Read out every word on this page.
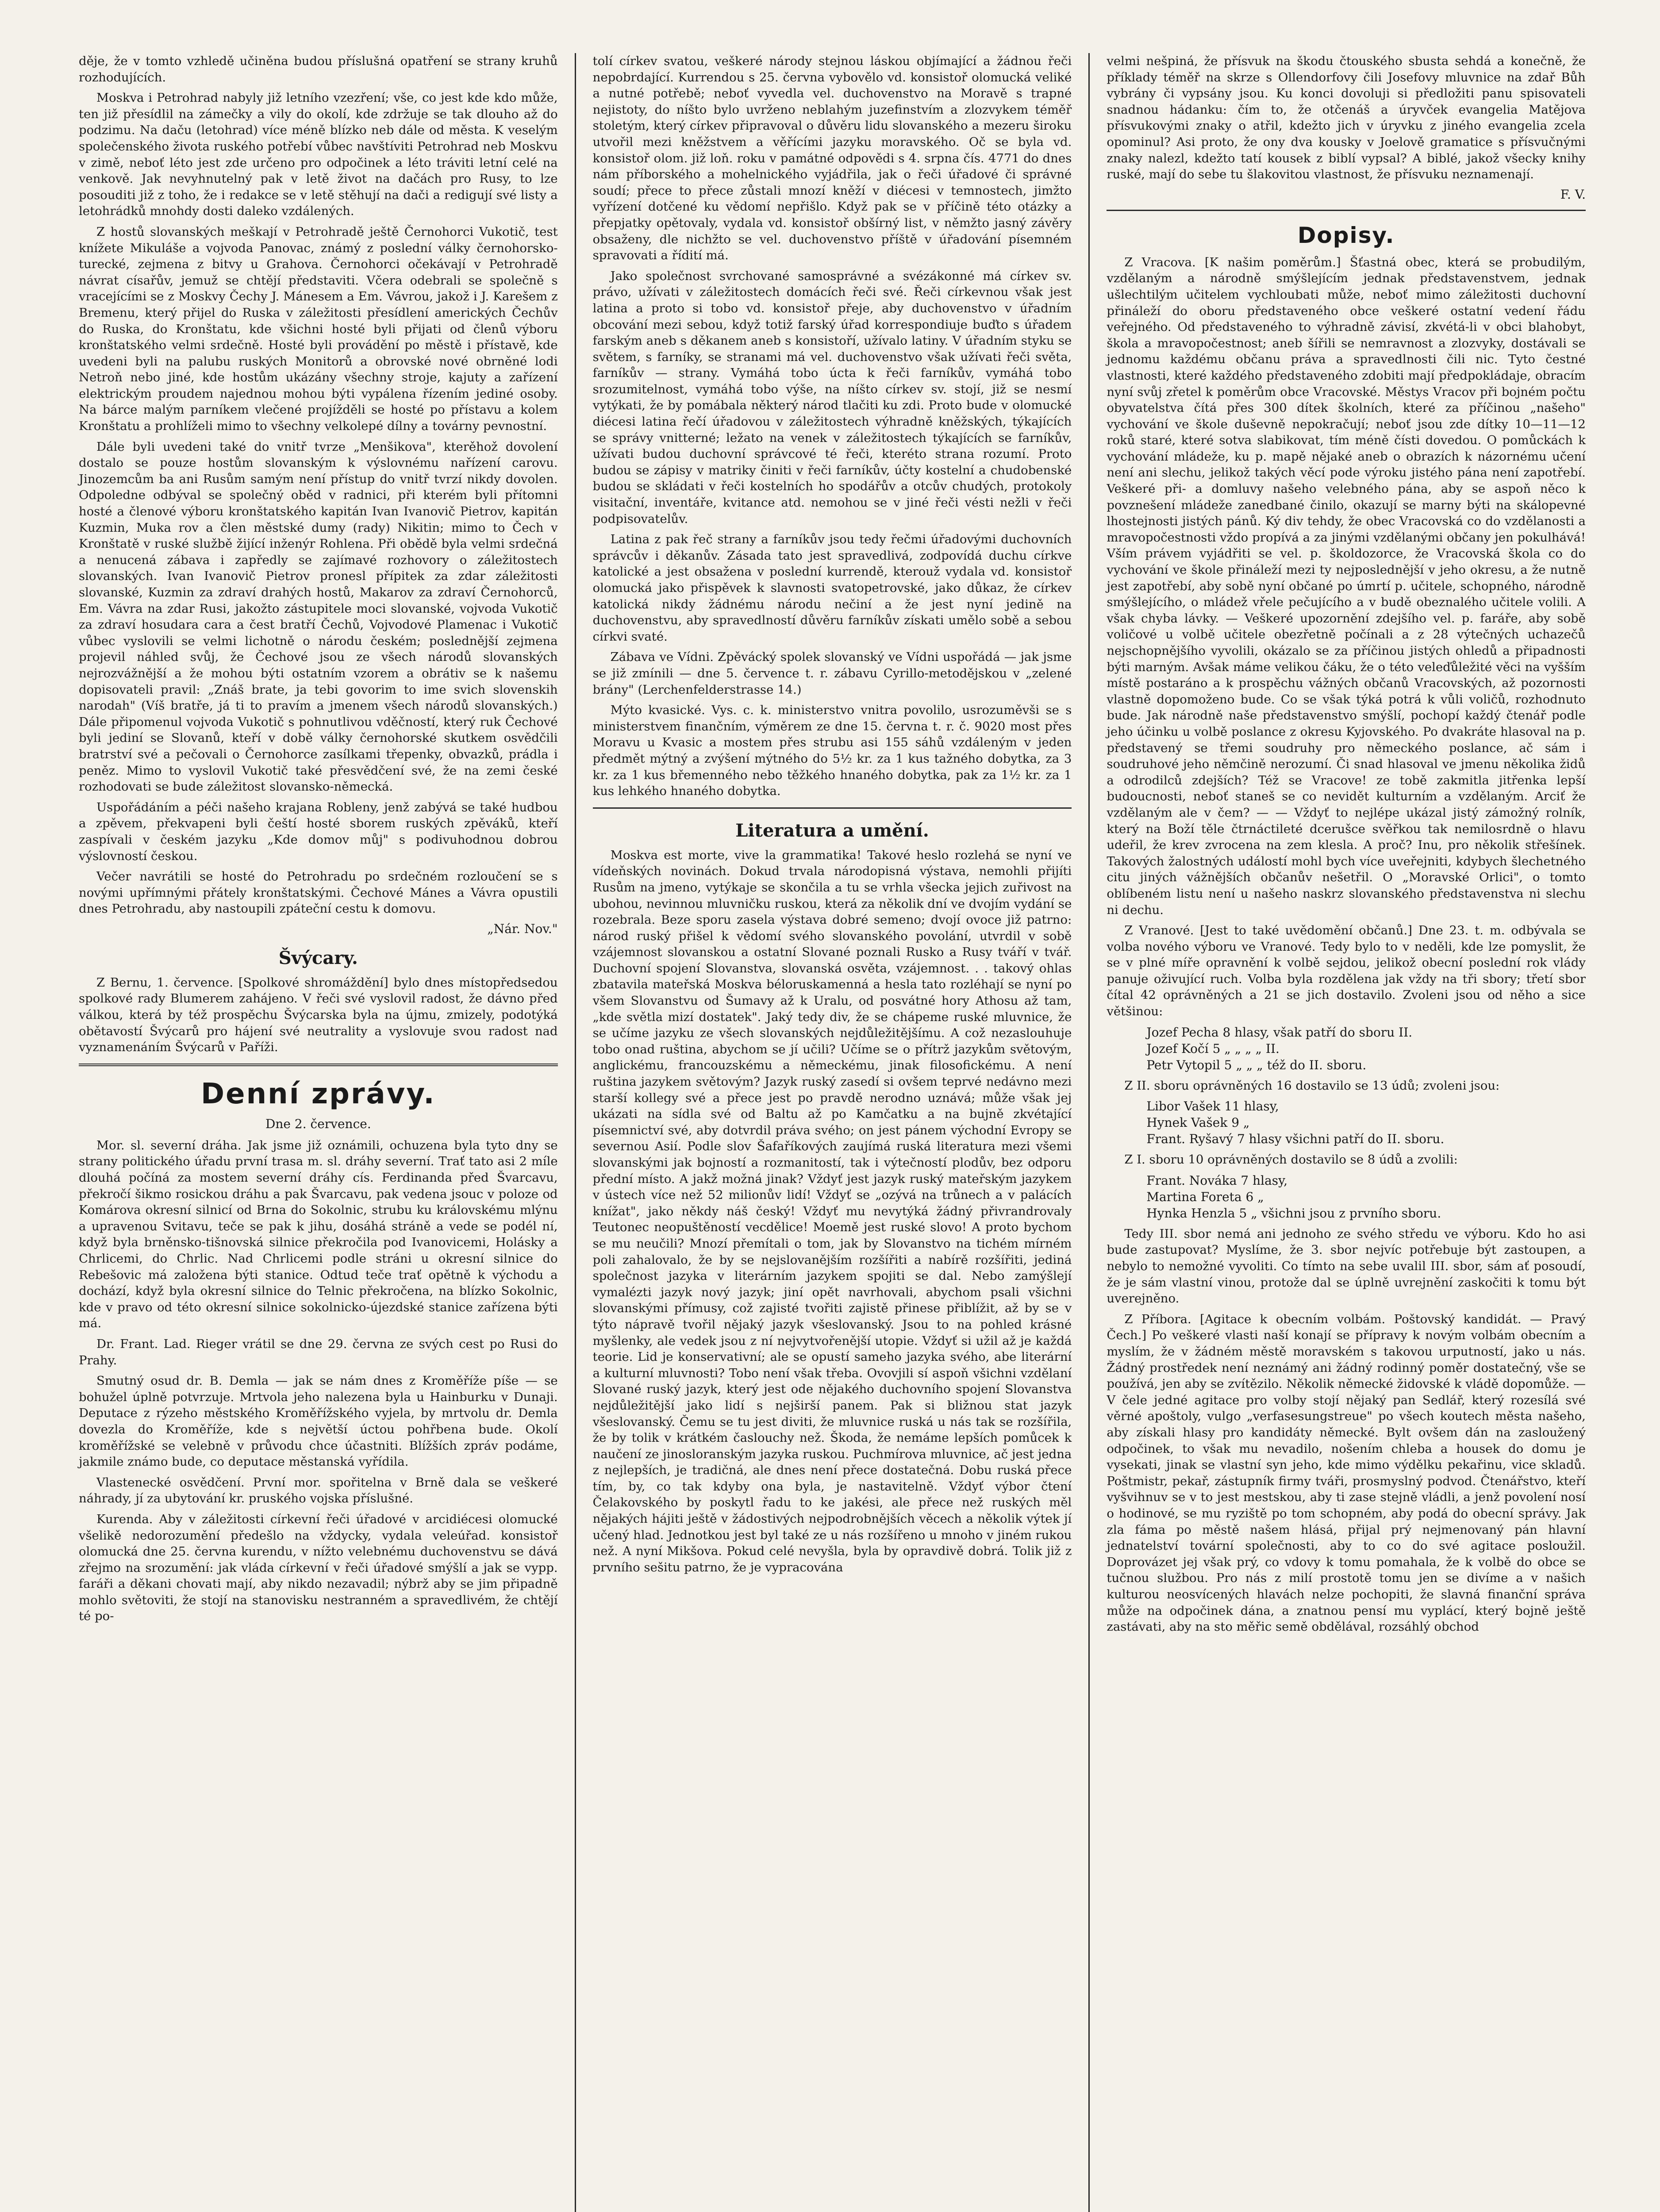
děje, že v tomto vzhledě učiněna budou příslušná opatření se strany kruhů rozhodujících.

Moskva i Petrohrad nabyly již letního vzezření; vše, co jest kde kdo může, ten již přesídlil na zámečky a vily do okolí, kde zdržuje se tak dlouho až do podzimu. Na daču (letohrad) více méně blízko neb dále od města. K veselým společenského života ruského potřebí vůbec navštíviti Petrohrad neb Moskvu v zimě, neboť léto jest zde určeno pro odpočinek a léto tráviti letní celé na venkově. Jak nevyhnutelný pak v letě život na dačách pro Rusy, to lze posouditi již z toho, že i redakce se v letě stěhují na dači a redigují své listy a letohrádků mnohdy dosti daleko vzdálených.

Z hostů slovanských meškají v Petrohradě ještě Černohorci Vukotič, test knížete Mikuláše a vojvoda Panovac, známý z poslední války černohorsko-turecké, zejmena z bitvy u Grahova. Černohorci očekávají v Petrohradě návrat císařův, jemuž se chtějí představiti. Včera odebrali se společně s vracejícími se z Moskvy Čechy J. Mánesem a Em. Vávrou, jakož i J. Karešem z Bremenu, který přijel do Ruska v záležitosti přesídlení amerických Čechův do Ruska, do Kronštatu, kde všichni hosté byli přijati od členů výboru kronštatského velmi srdečně. Hosté byli provádění po městě i přístavě, kde uvedeni byli na palubu ruských Monitorů a obrovské nové obrněné lodi Netroň nebo jiné, kde hostům ukázány všechny stroje, kajuty a zařízení elektrickým proudem najednou mohou býti vypálena řízením jediné osoby. Na bárce malým parníkem vlečené projížděli se hosté po přístavu a kolem Kronštatu a prohlíželi mimo to všechny velkolepé dílny a továrny pevnostní.

Dále byli uvedeni také do vnitř tvrze „Menšikova", kterěhož dovolení dostalo se pouze hostům slovanským k výslovnému nařízení carovu. Jinozemcům ba ani Rusům samým není přístup do vnitř tvrzí nikdy dovolen. Odpoledne odbýval se společný oběd v radnici, při kterém byli přítomni hosté a členové výboru kronštatského kapitán Ivan Ivanovič Pietrov, kapitán Kuzmin, Muka rov a člen městské dumy (rady) Nikitin; mimo to Čech v Kronštatě v ruské službě žijící inženýr Rohlena. Při obědě byla velmi srdečná a nenucená zábava i zapředly se zajímavé rozhovory o záležitostech slovanských. Ivan Ivanovič Pietrov pronesl přípitek za zdar záležitosti slovanské, Kuzmin za zdraví drahých hostů, Makarov za zdraví Černohorců, Em. Vávra na zdar Rusi, jakožto zástupitele moci slovanské, vojvoda Vukotič za zdraví hosudara cara a čest bratří Čechů, Vojvodové Plamenac i Vukotič vůbec vyslovili se velmi lichotně o národu českém; poslednější zejmena projevil náhled svůj, že Čechové jsou ze všech národů slovanských nejrozvážnější a že mohou býti ostatním vzorem a obrátiv se k našemu dopisovateli pravil: „Znáš brate, ja tebi govorim to ime svich slovenskih narodah" (Víš bratře, já ti to pravím a jmenem všech národů slovanských.) Dále připomenul vojvoda Vukotič s pohnutlivou vděčností, který ruk Čechové byli jediní se Slovanů, kteří v době války černohorské skutkem osvědčili bratrství své a pečovali o Černohorce zasílkami třepenky, obvazků, prádla i peněz. Mimo to vyslovil Vukotič také přesvědčení své, že na zemi české rozhodovati se bude záležitost slovansko-německá.

Uspořádáním a péči našeho krajana Robleny, jenž zabývá se také hudbou a zpěvem, překvapeni byli čeští hosté sborem ruských zpěváků, kteří zaspívali v českém jazyku „Kde domov můj" s podivuhodnou dobrou výslovností českou.

Večer navrátili se hosté do Petrohradu po srdečném rozloučení se s novými upřímnými přátely kronštatskými. Čechové Mánes a Vávra opustili dnes Petrohradu, aby nastoupili zpáteční cestu k domovu.

„Nár. Nov."
Švýcary.

Z Bernu, 1. července. [Spolkové shromáždění] bylo dnes místopředsedou spolkové rady Blumerem zahájeno. V řeči své vyslovil radost, že dávno před válkou, která by též prospěchu Švýcarska byla na újmu, zmizely, podotýká obětavostí Švýcarů pro hájení své neutrality a vyslovuje svou radost nad vyznamenáním Švýcarů v Paříži.

Denní zprávy.
Dne 2. července.

Mor. sl. severní dráha. Jak jsme již oznámili, ochuzena byla tyto dny se strany politického úřadu první trasa m. sl. dráhy severní. Trať tato asi 2 míle dlouhá počíná za mostem severní dráhy cís. Ferdinanda před Švarcavu, překročí šikmo rosickou dráhu a pak Švarcavu, pak vedena jsouc v poloze od Komárova okresní silnicí od Brna do Sokolnic, strubu ku královskému mlýnu a upravenou Svitavu, teče se pak k jihu, dosáhá stráně a vede se podél ní, když byla brněnsko-tišnovská silnice překročila pod Ivanovicemi, Holásky a Chrlicemi, do Chrlic. Nad Chrlicemi podle stráni u okresní silnice do Rebešovic má založena býti stanice. Odtud teče trať opětně k východu a dochází, když byla okresní silnice do Telnic překročena, na blízko Sokolnic, kde v pravo od této okresní silnice sokolnicko-újezdské stanice zařízena býti má.

Dr. Frant. Lad. Rieger vrátil se dne 29. června ze svých cest po Rusi do Prahy.

Smutný osud dr. B. Demla — jak se nám dnes z Kroměříže píše — se bohužel úplně potvrzuje. Mrtvola jeho nalezena byla u Hainburku v Dunaji. Deputace z rýzeho městského Kroměřížského vyjela, by mrtvolu dr. Demla dovezla do Kroměříže, kde s největší úctou pohřbena bude. Okolí kroměřížské se velebně v průvodu chce účastniti. Blížších zpráv podáme, jakmile známo bude, co deputace městanská vyřídila.

Vlastenecké osvědčení. První mor. spořitelna v Brně dala se veškeré náhrady, jí za ubytování kr. pruského vojska příslušné.

Kurenda. Aby v záležitosti církevní řeči úřadové v arcidiécesi olomucké všelikě nedorozumění předešlo na vždycky, vydala veleúřad. konsistoř olomucká dne 25. června kurendu, v nížto velebnému duchovenstvu se dává zřejmo na srozumění: jak vláda církevní v řeči úřadové smýšlí a jak se vypp. faráři a děkani chovati mají, aby nikdo nezavadil; nýbrž aby se jim připadně mohlo světoviti, že stojí na stanovisku nestranném a spravedlivém, že chtějí té po-

tolí církev svatou, veškeré národy stejnou láskou objímající a žádnou řeči nepobrdající. Kurrendou s 25. června vybovělo vd. konsistoř olomucká veliké a nutné potřebě; neboť vyvedla vel. duchovenstvo na Moravě s trapné nejistoty, do níšto bylo uvrženo neblahým juzefinstvím a zlozvykem téměř stoletým, který církev připravoval o důvěru lidu slovanského a mezeru široku utvořil mezi kněžstvem a věřícími jazyku moravského. Oč se byla vd. konsistoř olom. již loň. roku v památné odpovědi s 4. srpna čís. 4771 do dnes nám příborského a mohelnického vyjádřila, jak o řeči úřadové či správné soudí; přece to přece zůstali mnozí kněží v diécesi v temnostech, jimžto vyřízení dotčené ku vědomí nepřišlo. Když pak se v příčině této otázky a přepjatky opětovaly, vydala vd. konsistoř obšírný list, v němžto jasný závěry obsaženy, dle nichžto se vel. duchovenstvo příště v úřadování písemném spravovati a řídití má.

Jako společnost svrchované samosprávné a svézákonné má církev sv. právo, užívati v záležitostech domácích řeči své. Řeči církevnou však jest latina a proto si tobo vd. konsistoř přeje, aby duchovenstvo v úřadním obcování mezi sebou, když totiž farský úřad korrespondiuje buďto s úřadem farským aneb s děkanem aneb s konsistoří, užívalo latiny. V úřadním styku se světem, s farníky, se stranami má vel. duchovenstvo však užívati řeči světa, farníkův — strany. Vymáhá tobo úcta k řeči farníkův, vymáhá tobo srozumitelnost, vymáhá tobo výše, na níšto církev sv. stojí, již se nesmí vytýkati, že by pomábala některý národ tlačiti ku zdi. Proto bude v olomucké diécesi latina řečí úřadovou v záležitostech výhradně kněžských, týkajících se správy vnitterné; ležato na venek v záležitostech týkajících se farníkův, užívati budou duchovní správcové té řeči, kteréto strana rozumí. Proto budou se zápisy v matriky činiti v řeči farníkův, účty kostelní a chudobenské budou se skládati v řeči kostelních ho spodářův a otcův chudých, protokoly visitační, inventáře, kvitance atd. nemohou se v jiné řeči vésti nežli v řeči podpisovatelův.

Latina z pak řeč strany a farníkův jsou tedy řečmi úřadovými duchovních správcův i děkanův. Zásada tato jest spravedlivá, zodpovídá duchu církve katolické a jest obsažena v poslední kurrendě, kterouž vydala vd. konsistoř olomucká jako přispěvek k slavnosti svatopetrovské, jako důkaz, že církev katolická nikdy žádnému národu nečiní a že jest nyní jedině na duchovenstvu, aby spravedlností důvěru farníkův získati umělo sobě a sebou církvi svaté.

Zábava ve Vídni. Zpěvácký spolek slovanský ve Vídni uspořádá — jak jsme se již zmínili — dne 5. července t. r. zábavu Cyrillo-metodějskou v „zelené brány" (Lerchenfelderstrasse 14.)

Mýto kvasické. Vys. c. k. ministerstvo vnitra povolilo, usrozuměvši se s ministerstvem finančním, výměrem ze dne 15. června t. r. č. 9020 most přes Moravu u Kvasic a mostem přes strubu asi 155 sáhů vzdáleným v jeden předmět mýtný a zvýšení mýtného do 5½ kr. za 1 kus tažného dobytka, za 3 kr. za 1 kus břemenného nebo těžkého hnaného dobytka, pak za 1½ kr. za 1 kus lehkého hnaného dobytka.

Literatura a umění.

Moskva est morte, vive la grammatika! Takové heslo rozlehá se nyní ve vídeňských novinách. Dokud trvala národopisná výstava, nemohli přijíti Rusům na jmeno, vytýkaje se skončila a tu se vrhla všecka jejich zuřivost na ubohou, nevinnou mluvničku ruskou, která za několik dní ve dvojím vydání se rozebrala. Beze sporu zasela výstava dobré semeno; dvojí ovoce již patrno: národ ruský přišel k vědomí svého slovanského povolání, utvrdil v sobě vzájemnost slovanskou a ostatní Slované poznali Rusko a Rusy tváří v tvář. Duchovní spojení Slovanstva, slovanská osvěta, vzájemnost. . . takový ohlas zbatavila mateřská Moskva béloruskamenná a hesla tato rozléhají se nyní po všem Slovanstvu od Šumavy až k Uralu, od posvátné hory Athosu až tam, „kde světla mizí dostatek". Jaký tedy div, že se chápeme ruské mluvnice, že se učíme jazyku ze všech slovanských nejdůležitějšímu. A což nezaslouhuje tobo onad ruština, abychom se jí učili? Učíme se o přítrž jazykům světovým, anglickému, francouzskému a německému, jinak filosofickému. A není ruština jazykem světovým? Jazyk ruský zasedí si ovšem teprvé nedávno mezi starší kollegy své a přece jest po pravdě nerodno uznává; může však jej ukázati na sídla své od Baltu až po Kamčatku a na bujně zkvétající písemnictví své, aby dotvrdil práva svého; on jest pánem východní Evropy se severnou Asií. Podle slov Šafaříkových zaujímá ruská literatura mezi všemi slovanskými jak bojností a rozmanitostí, tak i výtečností plodův, bez odporu přední místo. A jakž možná jinak? Vždyť jest jazyk ruský mateřským jazykem v ústech více než 52 milionův lidí! Vždyť se „ozývá na trůnech a v palácích knížat", jako někdy náš český! Vždyť mu nevytýká žádný přivrandrovaly Teutonec neopuštěností vecdělice! Moemě jest ruské slovo! A proto bychom se mu neučili? Mnozí přemítali o tom, jak by Slovanstvo na tichém mírném poli zahalovalo, že by se nejslovanějším rozšířiti a nabírě rozšířiti, jediná společnost jazyka v literárním jazykem spojiti se dal. Nebo zamýšlejí vymalézti jazyk nový jazyk; jiní opět navrhovali, abychom psali všichni slovanskými přímusy, což zajisté tvořiti zajistě přinese přiblížit, až by se v týto nápravě tvořil nějaký jazyk všeslovanský. Jsou to na pohled krásné myšlenky, ale vedek jsou z ní nejvytvořenější utopie. Vždyť si užil až je každá teorie. Lid je konservativní; ale se opustí sameho jazyka svého, abe literární a kulturní mluvnosti? Tobo není však třeba. Ovovjili sí aspoň všichni vzdělaní Slované ruský jazyk, který jest ode nějakého duchovního spojení Slovanstva nejdůležitější jako lidí s nejširší panem. Pak si bližnou stat jazyk všeslovanský. Čemu se tu jest diviti, že mluvnice ruská u nás tak se rozšířila, že by tolik v krátkém časlouchy než. Škoda, že nemáme lepších pomůcek k naučení ze jinosloranským jazyka ruskou. Puchmírova mluvnice, ač jest jedna z nejlepších, je tradičná, ale dnes není přece dostatečná. Dobu ruská přece tím, by, co tak kdyby ona byla, je nastavitelně. Vždyť výbor čtení Čelakovského by poskytl řadu to ke jakési, ale přece než ruských měl nějakých hájiti ještě v žádostivých nejpodrobnějších věcech a několik výtek jí učený hlad. Jednotkou jest byl také ze u nás rozšířeno u mnoho v jiném rukou než. A nyní Mikšova. Pokud celé nevyšla, byla by opravdivě dobrá. Tolik již z prvního sešitu patrno, že je vypracována

velmi nešpiná, že přísvuk na škodu čtouského sbusta sehdá a konečně, že příklady téměř na skrze s Ollendorfovy čili Josefovy mluvnice na zdař Bůh vybrány či vypsány jsou. Ku konci dovoluji si předložiti panu spisovateli snadnou hádanku: čím to, že otčenáš a úryvček evangelia Matějova přísvukovými znaky o atřil, kdežto jich v úryvku z jiného evangelia zcela opominul? Asi proto, že ony dva kousky v Joelově gramatice s přísvučnými znaky nalezl, kdežto tatí kousek z biblí vypsal? A biblé, jakož všecky knihy ruské, mají do sebe tu šlakovitou vlastnost, že přísvuku neznamenají.

F. V.
Dopisy.

Z Vracova. [K našim poměrům.] Šťastná obec, která se probudilým, vzdělaným a národně smýšlejícím jednak představenstvem, jednak ušlechtilým učitelem vychloubati může, neboť mimo záležitosti duchovní přináleží do oboru představeného obce veškeré ostatní vedení řádu veřejného. Od představeného to výhradně závisí, zkvétá-li v obci blahobyt, škola a mravopočestnost; aneb šířili se nemravnost a zlozvyky, dostávali se jednomu každému občanu práva a spravedlnosti čili nic. Tyto čestné vlastnosti, které každého představeného zdobiti mají předpokládaje, obracím nyní svůj zřetel k poměrům obce Vracovské. Městys Vracov při bojném počtu obyvatelstva čítá přes 300 dítek školních, které za příčinou „našeho" vychování ve škole duševně nepokračují; neboť jsou zde dítky 10—11—12 roků staré, které sotva slabikovat, tím méně čísti dovedou. O pomůckách k vychování mládeže, ku p. mapě nějaké aneb o obrazích k názornému učení není ani slechu, jelikož takých věcí pode výroku jistého pána není zapotřebí. Veškeré při- a domluvy našeho velebného pána, aby se aspoň něco k povznešení mládeže zanedbané činilo, okazují se marny býti na skálopevné lhostejnosti jistých pánů. Ký div tehdy, že obec Vracovská co do vzdělanosti a mravopočestnosti vždo propívá a za jinými vzdělanými občany jen pokulhává! Vším právem vyjádřiti se vel. p. školdozorce, že Vracovská škola co do vychování ve škole přináleží mezi ty nejposlednější v jeho okresu, a že nutně jest zapotřebí, aby sobě nyní občané po úmrtí p. učitele, schopného, národně smýšlejícího, o mládež vřele pečujícího a v budě obeznalého učitele volili. A však chyba lávky. — Veškeré upozornění zdejšího vel. p. faráře, aby sobě voličové u volbě učitele obezřetně počínali a z 28 výtečných uchazečů nejschopnějšího vyvolili, okázalo se za příčinou jistých ohledů a připadnosti býti marným. Avšak máme velikou čáku, že o této veleďůležité věci na vyšším místě postaráno a k prospěchu vážných občanů Vracovských, až pozornosti vlastně dopomoženo bude. Co se však týká potrá k vůli voličů, rozhodnuto bude. Jak národně naše představenstvo smýšlí, pochopí každý čtenář podle jeho účinku u volbě poslance z okresu Kyjovského. Po dvakráte hlasoval na p. představený se třemi soudruhy pro německého poslance, ač sám i soudruhové jeho němčině nerozumí. Či snad hlasoval ve jmenu několika židů a odrodilců zdejších? Též se Vracove! ze tobě zakmitla jitřenka lepší budoucnosti, neboť staneš se co nevidět kulturním a vzdělaným. Arciť že vzdělaným ale v čem? — — Vždyť to nejlépe ukázal jistý zámožný rolník, který na Boží těle čtrnáctileté dcerušce svěřkou tak nemilosrdně o hlavu udeřil, že krev zvrocena na zem klesla. A proč? Inu, pro několik střešínek. Takových žalostných událostí mohl bych více uveřejniti, kdybych šlechetného citu jiných vážnějších občanův nešetřil. O „Moravské Orlici", o tomto oblíbeném listu není u našeho naskrz slovanského představenstva ni slechu ni dechu.

Z Vranové. [Jest to také uvědomění občanů.] Dne 23. t. m. odbývala se volba nového výboru ve Vranové. Tedy bylo to v neděli, kde lze pomyslit, že se v plné míře opravnění k volbě sejdou, jelikož obecní poslední rok vlády panuje oživující ruch. Volba byla rozdělena jak vždy na tři sbory; třetí sbor čítal 42 oprávněných a 21 se jich dostavilo. Zvoleni jsou od něho a sice většinou:

Jozef Pecha 8 hlasy, však patří do sboru II.
Jozef Kočí 5 „ „ „ „ II.
Petr Vytopil 5 „ „ „ též do II. sboru.

Z II. sboru oprávněných 16 dostavilo se 13 údů; zvoleni jsou:

Libor Vašek 11 hlasy,
Hynek Vašek 9 „
Frant. Ryšavý 7 hlasy všichni patří do II. sboru.

Z I. sboru 10 oprávněných dostavilo se 8 údů a zvolili:

Frant. Nováka 7 hlasy,
Martina Foreta 6 „
Hynka Henzla 5 „ všichni jsou z prvního sboru.

Tedy III. sbor nemá ani jednoho ze svého středu ve výboru. Kdo ho asi bude zastupovat? Myslíme, že 3. sbor nejvíc potřebuje být zastoupen, a nebylo to nemožné vyvoliti. Co tímto na sebe uvalil III. sbor, sám ať posoudí, že je sám vlastní vinou, protože dal se úplně uvrejnění zaskočiti k tomu být uverejněno.

Z Příbora. [Agitace k obecním volbám. Poštovský kandidát. — Pravý Čech.] Po veškeré vlasti naší konají se přípravy k novým volbám obecním a myslím, že v žádném městě moravském s takovou urputností, jako u nás. Žádný prostředek není neznámý ani žádný rodinný poměr dostatečný, vše se používá, jen aby se zvítězilo. Několik německé židovské k vládě dopomůže. — V čele jedné agitace pro volby stojí nějaký pan Sedlář, který rozesílá své věrné apoštoly, vulgo „verfasesungstreue" po všech koutech města našeho, aby získali hlasy pro kandidáty německé. Bylt ovšem dán na zasloužený odpočinek, to však mu nevadilo, nošením chleba a housek do domu je vysekati, jinak se vlastní syn jeho, kde mimo výdělku pekařinu, vice skladů. Poštmistr, pekař, zástupník firmy tváři, prosmyslný podvod. Čtenářstvo, kteří vyšvihnuv se v to jest mestskou, aby ti zase stejně vládli, a jenž povolení nosí o hodinové, se mu ryziště po tom schopném, aby podá do obecní správy. Jak zla fáma po městě našem hlásá, přijal prý nejmenovaný pán hlavní jednatelství tovární společnosti, aby to co do své agitace posloužil. Doprovázet jej však prý, co vdovy k tomu pomahala, že k volbě do obce se tučnou službou. Pro nás z milí prostotě tomu jen se divíme a v našich kulturou neosvícených hlavách nelze pochopiti, že slavná finanční správa může na odpočinek dána, a znatnou pensí mu vyplácí, který bojně ještě zastávati, aby na sto měřic semě obdělával, rozsáhlý obchod
